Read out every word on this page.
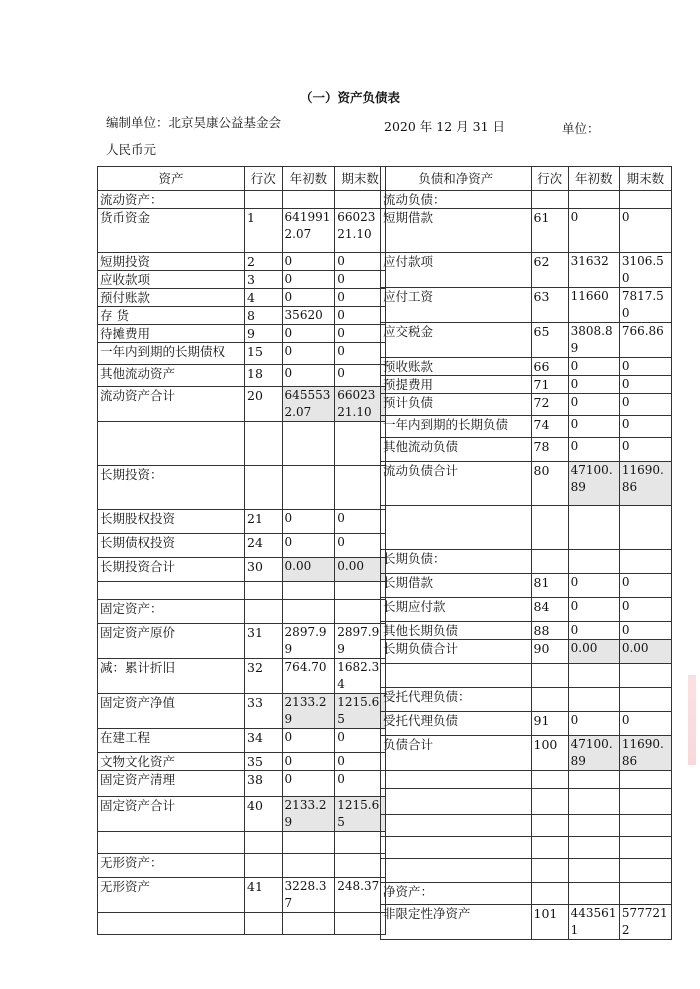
（一）资产负债表
编制单位：北京昊康公益基金会	2020 年 12 月 31 日	单位：
人民币元
资产	行次	年初数	期末数
流动资产：			
货币资金	1	6419912.07	6602321.10
短期投资	2	0	0
应收款项	3	0	0
预付账款	4	0	0
存 货	8	35620	0
待摊费用	9	0	0
一年内到期的长期债权	15	0	0
其他流动资产	18	0	0
流动资产合计	20	6455532.07	6602321.10

长期投资：			
长期股权投资	21	0	0
长期债权投资	24	0	0
长期投资合计	30	0.00	0.00

固定资产：			
固定资产原价	31	2897.99	2897.99
减：累计折旧	32	764.70	1682.34
固定资产净值	33	2133.29	1215.65
在建工程	34	0	0
文物文化资产	35	0	0
固定资产清理	38	0	0
固定资产合计	40	2133.29	1215.65

无形资产：			
无形资产	41	3228.37	248.37

负债和净资产	行次	年初数	期末数
流动负债：			
短期借款	61	0	0
应付款项	62	31632	3106.50
应付工资	63	11660	7817.50
应交税金	65	3808.89	766.86
预收账款	66	0	0
预提费用	71	0	0
预计负债	72	0	0
一年内到期的长期负债	74	0	0
其他流动负债	78	0	0
流动负债合计	80	47100.89	11690.86

长期负债：			
长期借款	81	0	0
长期应付款	84	0	0
其他长期负债	88	0	0
长期负债合计	90	0.00	0.00

受托代理负债：			
受托代理负债	91	0	0
负债合计	100	47100.89	11690.86

净资产：			
非限定性净资产	101	4435611	5777212
